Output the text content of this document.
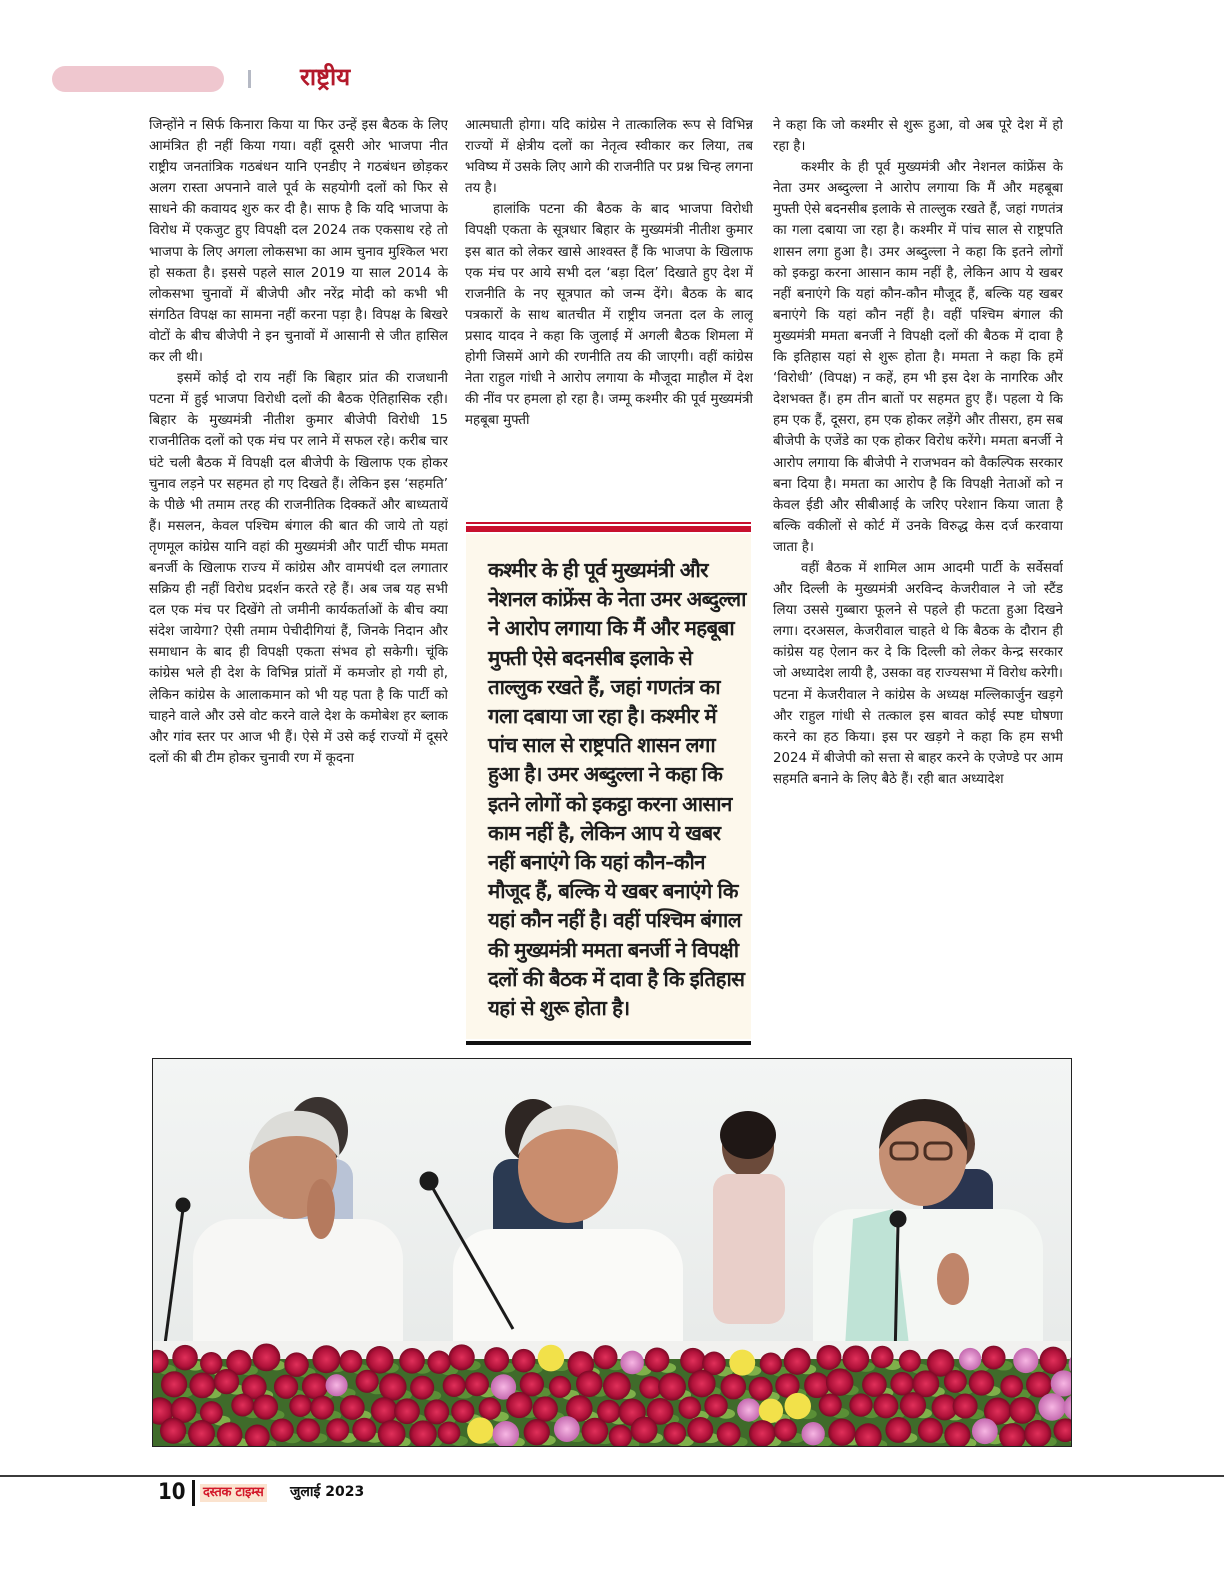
राष्ट्रीय

जिन्होंने न सिर्फ किनारा किया या फिर उन्हें इस बैठक के लिए आमंत्रित ही नहीं किया गया। वहीं दूसरी ओर भाजपा नीत राष्ट्रीय जनतांत्रिक गठबंधन यानि एनडीए ने गठबंधन छोड़कर अलग रास्ता अपनाने वाले पूर्व के सहयोगी दलों को फिर से साधने की कवायद शुरु कर दी है। साफ है कि यदि भाजपा के विरोध में एकजुट हुए विपक्षी दल 2024 तक एकसाथ रहे तो भाजपा के लिए अगला लोकसभा का आम चुनाव मुश्किल भरा हो सकता है। इससे पहले साल 2019 या साल 2014 के लोकसभा चुनावों में बीजेपी और नरेंद्र मोदी को कभी भी संगठित विपक्ष का सामना नहीं करना पड़ा है। विपक्ष के बिखरे वोटों के बीच बीजेपी ने इन चुनावों में आसानी से जीत हासिल कर ली थी।

इसमें कोई दो राय नहीं कि बिहार प्रांत की राजधानी पटना में हुई भाजपा विरोधी दलों की बैठक ऐतिहासिक रही। बिहार के मुख्यमंत्री नीतीश कुमार बीजेपी विरोधी 15 राजनीतिक दलों को एक मंच पर लाने में सफल रहे। करीब चार घंटे चली बैठक में विपक्षी दल बीजेपी के खिलाफ एक होकर चुनाव लड़ने पर सहमत हो गए दिखते हैं। लेकिन इस ‘सहमति’ के पीछे भी तमाम तरह की राजनीतिक दिक्कतें और बाध्यतायें हैं। मसलन, केवल पश्चिम बंगाल की बात की जाये तो यहां तृणमूल कांग्रेस यानि वहां की मुख्यमंत्री और पार्टी चीफ ममता बनर्जी के खिलाफ राज्य में कांग्रेस और वामपंथी दल लगातार सक्रिय ही नहीं विरोध प्रदर्शन करते रहे हैं। अब जब यह सभी दल एक मंच पर दिखेंगे तो जमीनी कार्यकर्ताओं के बीच क्या संदेश जायेगा? ऐसी तमाम पेचीदीगियां हैं, जिनके निदान और समाधान के बाद ही विपक्षी एकता संभव हो सकेगी। चूंकि कांग्रेस भले ही देश के विभिन्न प्रांतों में कमजोर हो गयी हो, लेकिन कांग्रेस के आलाकमान को भी यह पता है कि पार्टी को चाहने वाले और उसे वोट करने वाले देश के कमोबेश हर ब्लाक और गांव स्तर पर आज भी हैं। ऐसे में उसे कई राज्यों में दूसरे दलों की बी टीम होकर चुनावी रण में कूदना

आत्मघाती होगा। यदि कांग्रेस ने तात्कालिक रूप से विभिन्न राज्यों में क्षेत्रीय दलों का नेतृत्व स्वीकार कर लिया, तब भविष्य में उसके लिए आगे की राजनीति पर प्रश्न चिन्ह लगना तय है।

हालांकि पटना की बैठक के बाद भाजपा विरोधी विपक्षी एकता के सूत्रधार बिहार के मुख्यमंत्री नीतीश कुमार इस बात को लेकर खासे आश्वस्त हैं कि भाजपा के खिलाफ एक मंच पर आये सभी दल ‘बड़ा दिल’ दिखाते हुए देश में राजनीति के नए सूत्रपात को जन्म देंगे। बैठक के बाद पत्रकारों के साथ बातचीत में राष्ट्रीय जनता दल के लालू प्रसाद यादव ने कहा कि जुलाई में अगली बैठक शिमला में होगी जिसमें आगे की रणनीति तय की जाएगी। वहीं कांग्रेस नेता राहुल गांधी ने आरोप लगाया के मौजूदा माहौल में देश की नींव पर हमला हो रहा है। जम्मू कश्मीर की पूर्व मुख्यमंत्री महबूबा मुफ्ती

कश्मीर के ही पूर्व मुख्यमंत्री और नेशनल कांफ्रेंस के नेता उमर अब्दुल्ला ने आरोप लगाया कि मैं और महबूबा मुफ्ती ऐसे बदनसीब इलाके से ताल्लुक रखते हैं, जहां गणतंत्र का गला दबाया जा रहा है। कश्मीर में पांच साल से राष्ट्रपति शासन लगा हुआ है। उमर अब्दुल्ला ने कहा कि इतने लोगों को इकट्ठा करना आसान काम नहीं है, लेकिन आप ये खबर नहीं बनाएंगे कि यहां कौन–कौन मौजूद हैं, बल्कि ये खबर बनाएंगे कि यहां कौन नहीं है। वहीं पश्चिम बंगाल की मुख्यमंत्री ममता बनर्जी ने विपक्षी दलों की बैठक में दावा है कि इतिहास यहां से शुरू होता है।

ने कहा कि जो कश्मीर से शुरू हुआ, वो अब पूरे देश में हो रहा है।

कश्मीर के ही पूर्व मुख्यमंत्री और नेशनल कांफ्रेंस के नेता उमर अब्दुल्ला ने आरोप लगाया कि मैं और महबूबा मुफ्ती ऐसे बदनसीब इलाके से ताल्लुक रखते हैं, जहां गणतंत्र का गला दबाया जा रहा है। कश्मीर में पांच साल से राष्ट्रपति शासन लगा हुआ है। उमर अब्दुल्ला ने कहा कि इतने लोगों को इकट्ठा करना आसान काम नहीं है, लेकिन आप ये खबर नहीं बनाएंगे कि यहां कौन-कौन मौजूद हैं, बल्कि यह खबर बनाएंगे कि यहां कौन नहीं है। वहीं पश्चिम बंगाल की मुख्यमंत्री ममता बनर्जी ने विपक्षी दलों की बैठक में दावा है कि इतिहास यहां से शुरू होता है। ममता ने कहा कि हमें ‘विरोधी’ (विपक्ष) न कहें, हम भी इस देश के नागरिक और देशभक्त हैं। हम तीन बातों पर सहमत हुए हैं। पहला ये कि हम एक हैं, दूसरा, हम एक होकर लड़ेंगे और तीसरा, हम सब बीजेपी के एजेंडे का एक होकर विरोध करेंगे। ममता बनर्जी ने आरोप लगाया कि बीजेपी ने राजभवन को वैकल्पिक सरकार बना दिया है। ममता का आरोप है कि विपक्षी नेताओं को न केवल ईडी और सीबीआई के जरिए परेशान किया जाता है बल्कि वकीलों से कोर्ट में उनके विरुद्ध केस दर्ज करवाया जाता है।

वहीं बैठक में शामिल आम आदमी पार्टी के सर्वेसर्वा और दिल्ली के मुख्यमंत्री अरविन्द केजरीवाल ने जो स्टैंड लिया उससे गुब्बारा फूलने से पहले ही फटता हुआ दिखने लगा। दरअसल, केजरीवाल चाहते थे कि बैठक के दौरान ही कांग्रेस यह ऐलान कर दे कि दिल्ली को लेकर केन्द्र सरकार जो अध्यादेश लायी है, उसका वह राज्यसभा में विरोध करेगी। पटना में केजरीवाल ने कांग्रेस के अध्यक्ष मल्लिकार्जुन खड़गे और राहुल गांधी से तत्काल इस बावत कोई स्पष्ट घोषणा करने का हठ किया। इस पर खड़गे ने कहा कि हम सभी 2024 में बीजेपी को सत्ता से बाहर करने के एजेण्डे पर आम सहमति बनाने के लिए बैठे हैं। रही बात अध्यादेश

10 दस्तक टाइम्स जुलाई 2023
